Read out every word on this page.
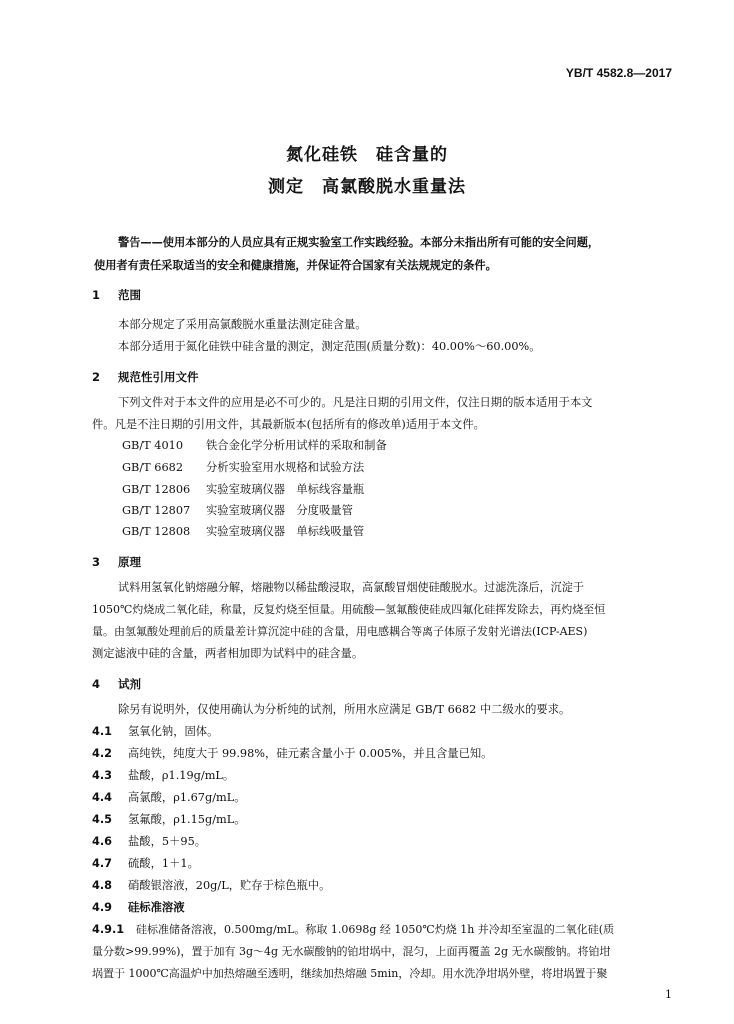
YB/T 4582.8—2017
氮化硅铁　硅含量的
测定　高氯酸脱水重量法
警告——使用本部分的人员应具有正规实验室工作实践经验。本部分未指出所有可能的安全问题，
使用者有责任采取适当的安全和健康措施，并保证符合国家有关法规规定的条件。
1 范围
本部分规定了采用高氯酸脱水重量法测定硅含量。
本部分适用于氮化硅铁中硅含量的测定，测定范围(质量分数)：40.00%～60.00%。
2 规范性引用文件
下列文件对于本文件的应用是必不可少的。凡是注日期的引用文件，仅注日期的版本适用于本文
件。凡是不注日期的引用文件，其最新版本(包括所有的修改单)适用于本文件。
GB/T 4010 铁合金化学分析用试样的采取和制备
GB/T 6682 分析实验室用水规格和试验方法
GB/T 12806 实验室玻璃仪器　单标线容量瓶
GB/T 12807 实验室玻璃仪器　分度吸量管
GB/T 12808 实验室玻璃仪器　单标线吸量管
3 原理
试料用氢氧化钠熔融分解，熔融物以稀盐酸浸取，高氯酸冒烟使硅酸脱水。过滤洗涤后，沉淀于
1050℃灼烧成二氧化硅，称量，反复灼烧至恒量。用硫酸—氢氟酸使硅成四氟化硅挥发除去，再灼烧至恒
量。由氢氟酸处理前后的质量差计算沉淀中硅的含量，用电感耦合等离子体原子发射光谱法(ICP-AES)
测定滤液中硅的含量，两者相加即为试料中的硅含量。
4 试剂
除另有说明外，仅使用确认为分析纯的试剂，所用水应满足 GB/T 6682 中二级水的要求。
4.1 氢氧化钠，固体。
4.2 高纯铁，纯度大于 99.98%，硅元素含量小于 0.005%，并且含量已知。
4.3 盐酸，ρ1.19g/mL。
4.4 高氯酸，ρ1.67g/mL。
4.5 氢氟酸，ρ1.15g/mL。
4.6 盐酸，5＋95。
4.7 硫酸，1＋1。
4.8 硝酸银溶液，20g/L，贮存于棕色瓶中。
4.9 硅标准溶液
4.9.1 硅标准储备溶液，0.500mg/mL。称取 1.0698g 经 1050℃灼烧 1h 并冷却至室温的二氧化硅(质
量分数>99.99%)，置于加有 3g～4g 无水碳酸钠的铂坩埚中，混匀，上面再覆盖 2g 无水碳酸钠。将铂坩
埚置于 1000℃高温炉中加热熔融至透明，继续加热熔融 5min，冷却。用水洗净坩埚外壁，将坩埚置于聚
1
